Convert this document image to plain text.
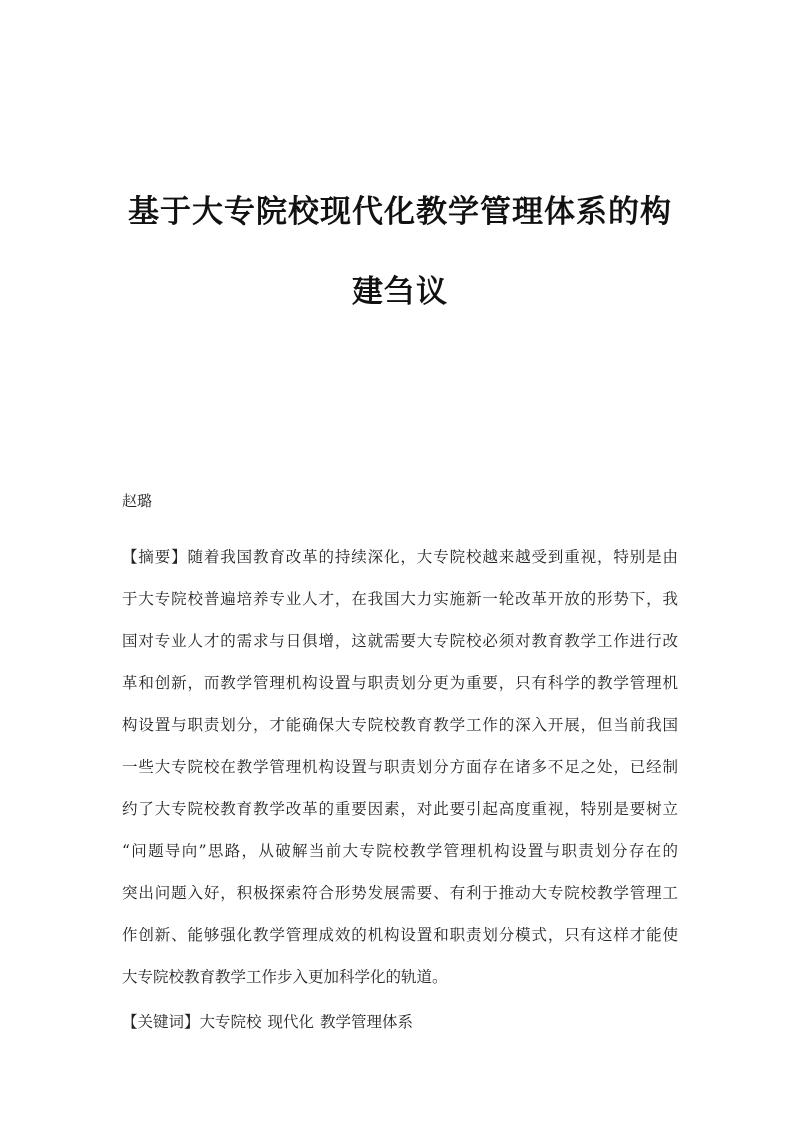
基于大专院校现代化教学管理体系的构
建刍议
赵璐
【摘要】随着我国教育改革的持续深化，大专院校越来越受到重视，特别是由
于大专院校普遍培养专业人才，在我国大力实施新一轮改革开放的形势下，我
国对专业人才的需求与日俱增，这就需要大专院校必须对教育教学工作进行改
革和创新，而教学管理机构设置与职责划分更为重要，只有科学的教学管理机
构设置与职责划分，才能确保大专院校教育教学工作的深入开展，但当前我国
一些大专院校在教学管理机构设置与职责划分方面存在诸多不足之处，已经制
约了大专院校教育教学改革的重要因素，对此要引起高度重视，特别是要树立
“问题导向”思路，从破解当前大专院校教学管理机构设置与职责划分存在的
突出问题入好，积极探索符合形势发展需要、有利于推动大专院校教学管理工
作创新、能够强化教学管理成效的机构设置和职责划分模式，只有这样才能使
大专院校教育教学工作步入更加科学化的轨道。
【关键词】大专院校 现代化 教学管理体系
